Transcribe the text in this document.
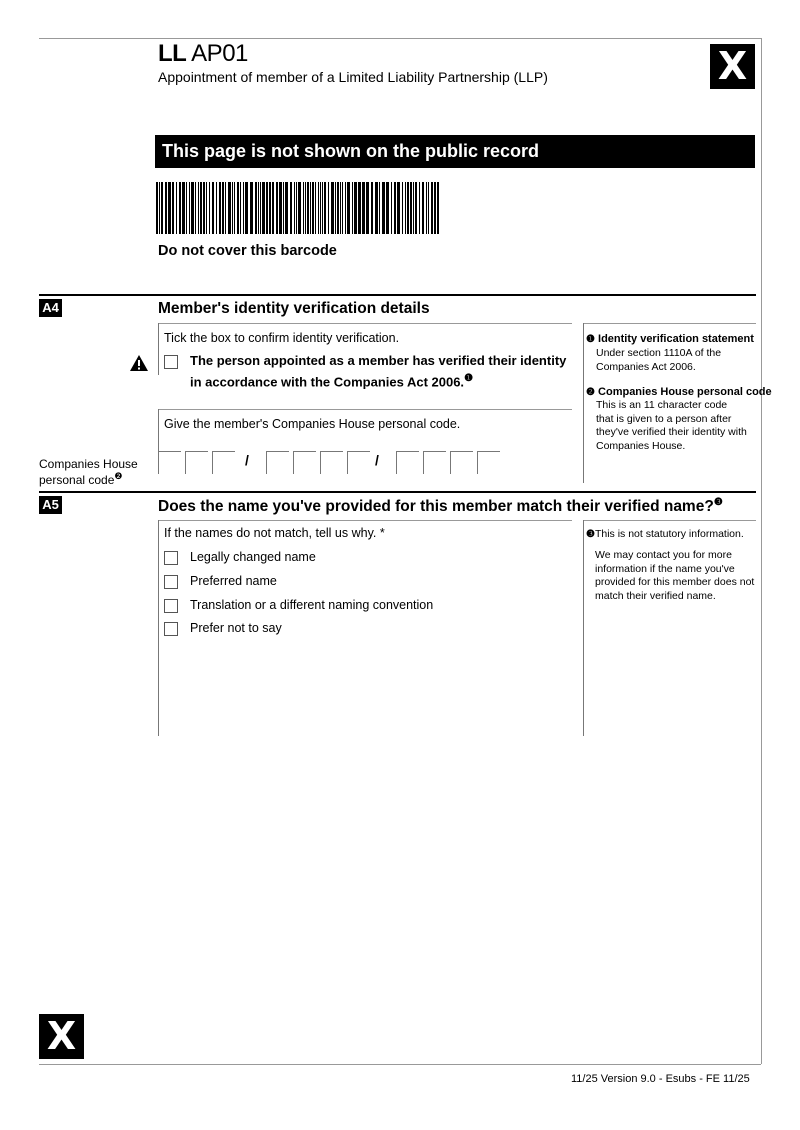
LL AP01
Appointment of member of a Limited Liability Partnership (LLP)	X
This page is not shown on the public record
Do not cover this barcode
A4	Member's identity verification details
Tick the box to confirm identity verification.
The person appointed as a member has verified their identity in accordance with the Companies Act 2006.$^❶$
Give the member's Companies House personal code.
Companies House
personal code$^❷$
/	/
❶ Identity verification statement
Under section 1110A of the
Companies Act 2006.
❷ Companies House personal code
This is an 11 character code
that is given to a person after
they've verified their identity with
Companies House.
A5	Does the name you've provided for this member match their verified name?$^❸$
If the names do not match, tell us why. *
Legally changed name
Preferred name
Translation or a different naming convention
Prefer not to say
❸This is not statutory information.
We may contact you for more
information if the name you've
provided for this member does not
match their verified name.
X
11/25 Version 9.0 - Esubs - FE 11/25
